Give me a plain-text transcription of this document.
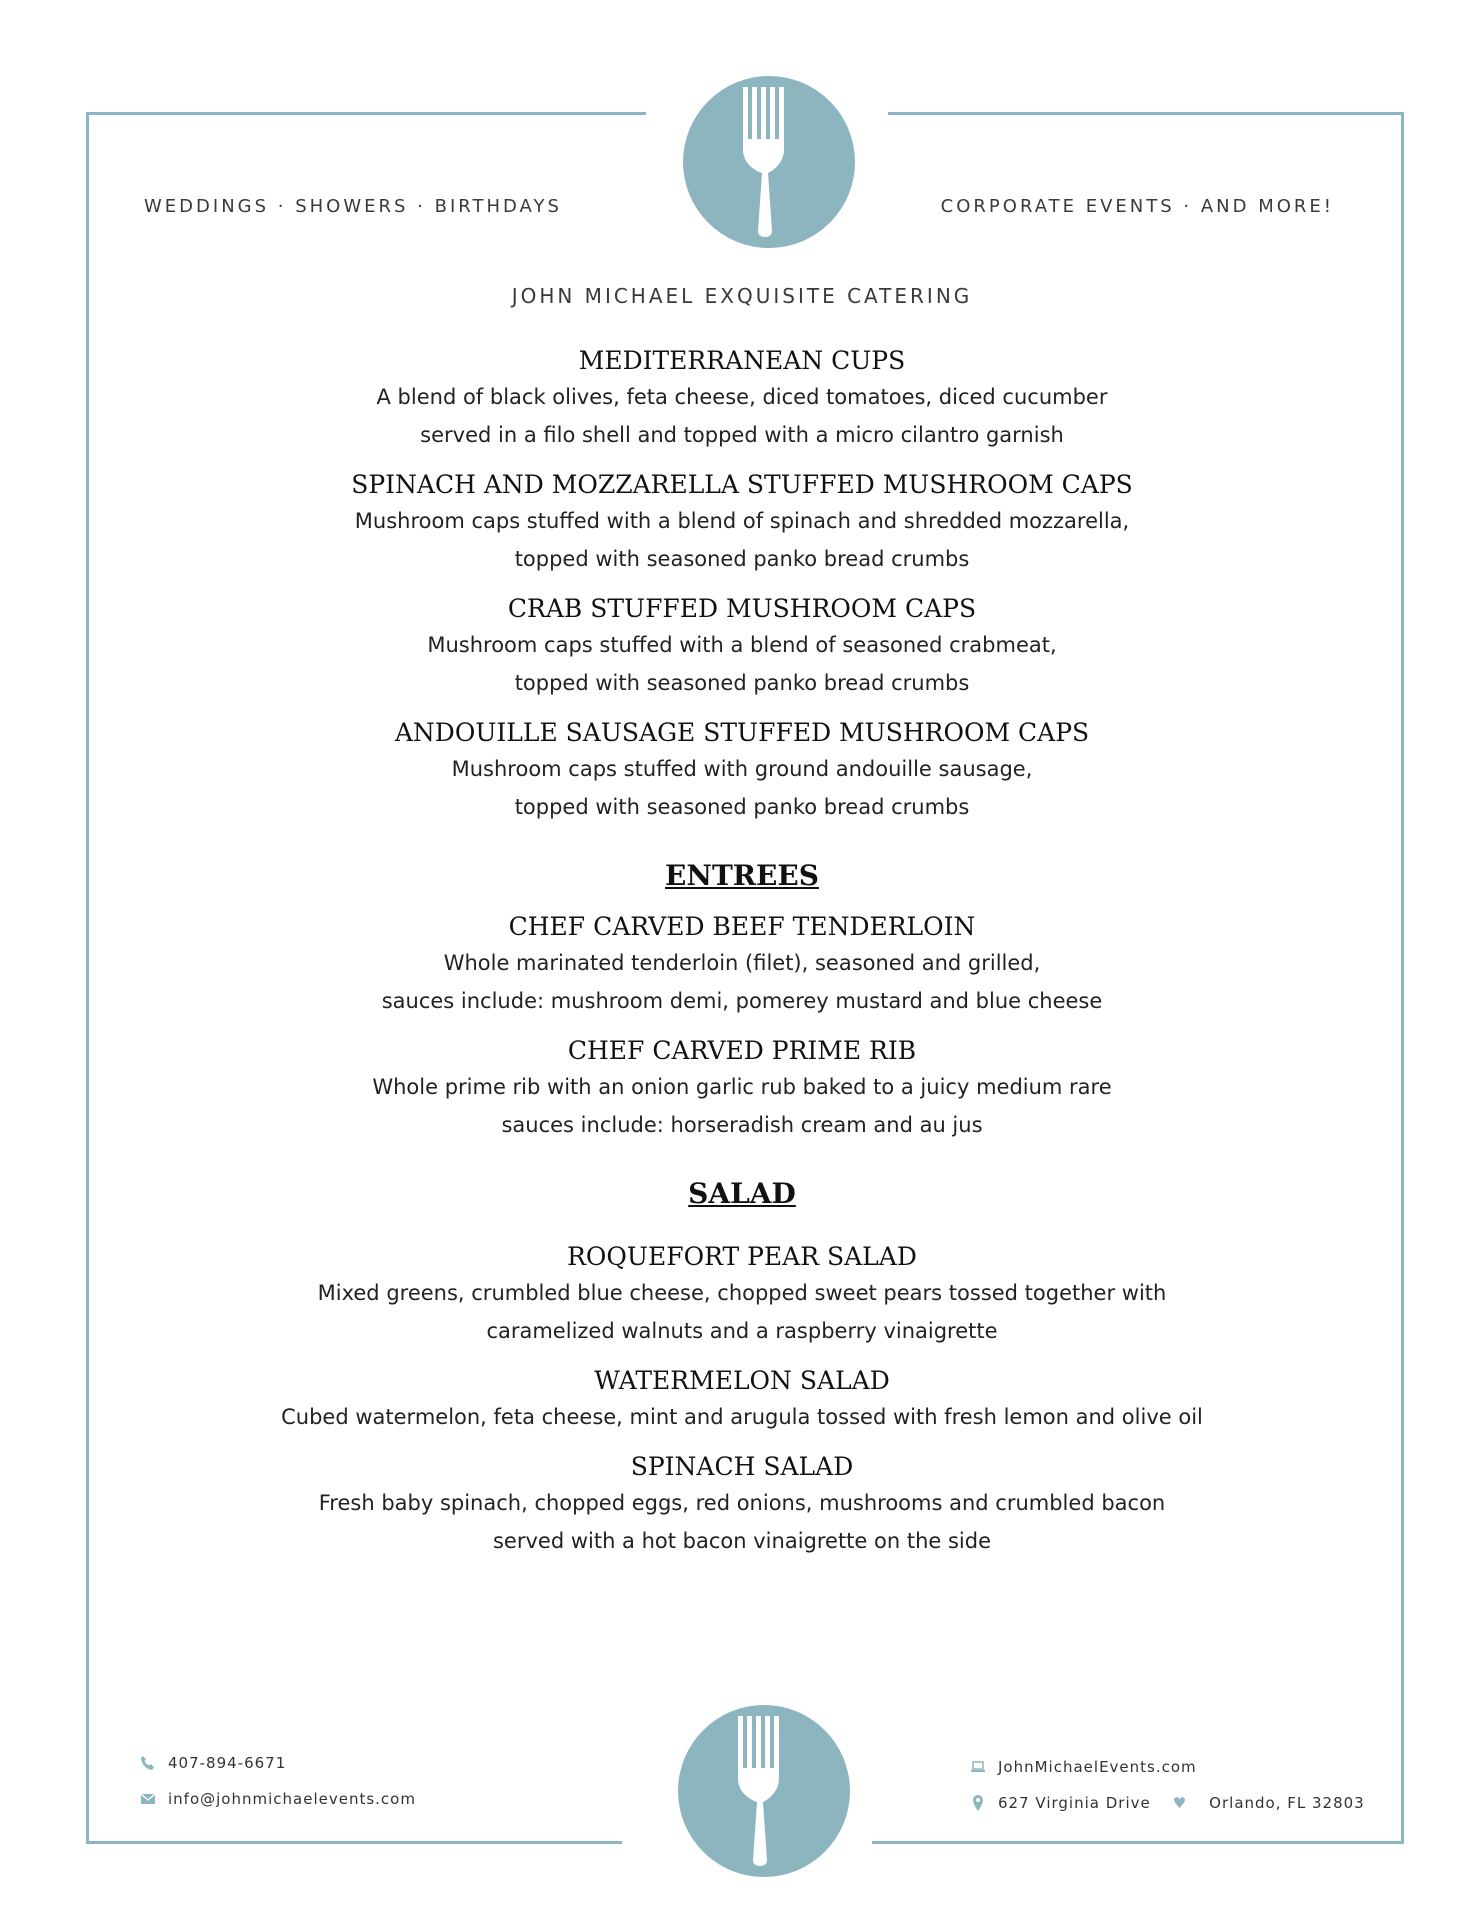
WEDDINGS · SHOWERS · BIRTHDAYS	CORPORATE EVENTS · AND MORE!
JOHN MICHAEL EXQUISITE CATERING

MEDITERRANEAN CUPS

A blend of black olives, feta cheese, diced tomatoes, diced cucumber

served in a filo shell and topped with a micro cilantro garnish

SPINACH AND MOZZARELLA STUFFED MUSHROOM CAPS

Mushroom caps stuffed with a blend of spinach and shredded mozzarella,

topped with seasoned panko bread crumbs

CRAB STUFFED MUSHROOM CAPS

Mushroom caps stuffed with a blend of seasoned crabmeat,

topped with seasoned panko bread crumbs

ANDOUILLE SAUSAGE STUFFED MUSHROOM CAPS

Mushroom caps stuffed with ground andouille sausage,

topped with seasoned panko bread crumbs

ENTREES

CHEF CARVED BEEF TENDERLOIN

Whole marinated tenderloin (filet), seasoned and grilled,

sauces include: mushroom demi, pomerey mustard and blue cheese

CHEF CARVED PRIME RIB

Whole prime rib with an onion garlic rub baked to a juicy medium rare

sauces include: horseradish cream and au jus

SALAD

ROQUEFORT PEAR SALAD

Mixed greens, crumbled blue cheese, chopped sweet pears tossed together with

caramelized walnuts and a raspberry vinaigrette

WATERMELON SALAD

Cubed watermelon, feta cheese, mint and arugula tossed with fresh lemon and olive oil

SPINACH SALAD

Fresh baby spinach, chopped eggs, red onions, mushrooms and crumbled bacon

served with a hot bacon vinaigrette on the side

407-894-6671
info@johnmichaelevents.com
JohnMichaelEvents.com
627 Virginia Drive ♥ Orlando, FL 32803
